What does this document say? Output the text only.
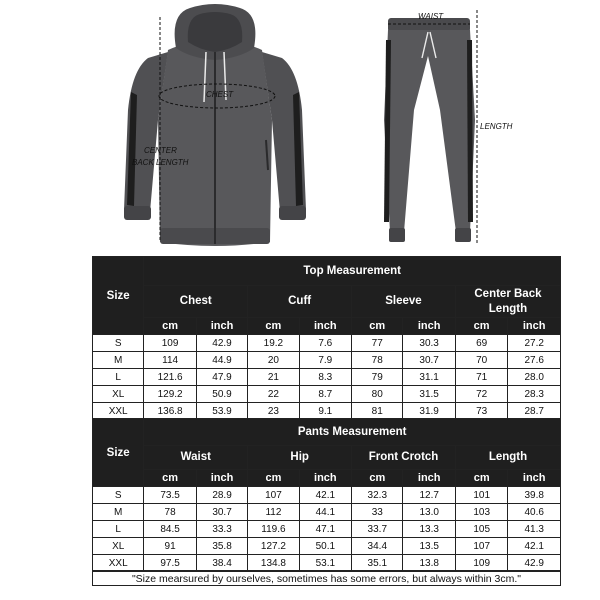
CHEST
CENTER
BACK LENGTH
WAIST
LENGTH
Size	Top Measurement							
	Chest		Cuff		Sleeve		Center Back Length	
	cm	inch	cm	inch	cm	inch	cm	inch
S	109	42.9	19.2	7.6	77	30.3	69	27.2
M	114	44.9	20	7.9	78	30.7	70	27.6
L	121.6	47.9	21	8.3	79	31.1	71	28.0
XL	129.2	50.9	22	8.7	80	31.5	72	28.3
XXL	136.8	53.9	23	9.1	81	31.9	73	28.7
Size	Pants Measurement							
	Waist		Hip		Front Crotch		Length	
	cm	inch	cm	inch	cm	inch	cm	inch
S	73.5	28.9	107	42.1	32.3	12.7	101	39.8
M	78	30.7	112	44.1	33	13.0	103	40.6
L	84.5	33.3	119.6	47.1	33.7	13.3	105	41.3
XL	91	35.8	127.2	50.1	34.4	13.5	107	42.1
XXL	97.5	38.4	134.8	53.1	35.1	13.8	109	42.9
"Size mearsured by ourselves, sometimes has some errors, but always within 3cm."
